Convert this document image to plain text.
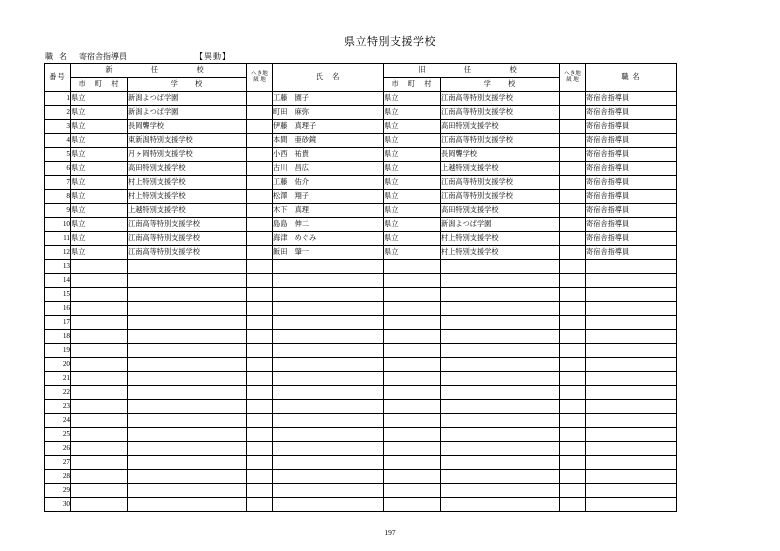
県立特別支援学校
職 名 寄宿舎指導員	【 異動 】
番号	新　　任　　校	へき地
級 地	氏　名	旧　　任　　校	へき地
級 地	職 名
	市　町　村	学　　校			市　町　村	学　　校		
1	県立	新潟よつば学園		工藤　園子	県立	江南高等特別支援学校		寄宿舎指導員
2	県立	新潟よつば学園		町田　麻弥	県立	江南高等特別支援学校		寄宿舎指導員
3	県立	長岡聾学校		伊藤　真理子	県立	高田特別支援学校		寄宿舎指導員
4	県立	東新潟特別支援学校		本間　亜砂鏡	県立	江南高等特別支援学校		寄宿舎指導員
5	県立	月ヶ岡特別支援学校		小西　祐貴	県立	長岡聾学校		寄宿舎指導員
6	県立	高田特別支援学校		古川　昌広	県立	上越特別支援学校		寄宿舎指導員
7	県立	村上特別支援学校		工藤　佑介	県立	江南高等特別支援学校		寄宿舎指導員
8	県立	村上特別支援学校		松澤　翔子	県立	江南高等特別支援学校		寄宿舎指導員
9	県立	上越特別支援学校		木下　真理	県立	高田特別支援学校		寄宿舎指導員
10	県立	江南高等特別支援学校		島島　伸二	県立	新潟よつば学園		寄宿舎指導員
11	県立	江南高等特別支援学校		海津　めぐみ	県立	村上特別支援学校		寄宿舎指導員
12	県立	江南高等特別支援学校		飯田　肇一	県立	村上特別支援学校		寄宿舎指導員
13								
14								
15								
16								
17								
18								
19								
20								
21								
22								
23								
24								
25								
26								
27								
28								
29								
30								
197
